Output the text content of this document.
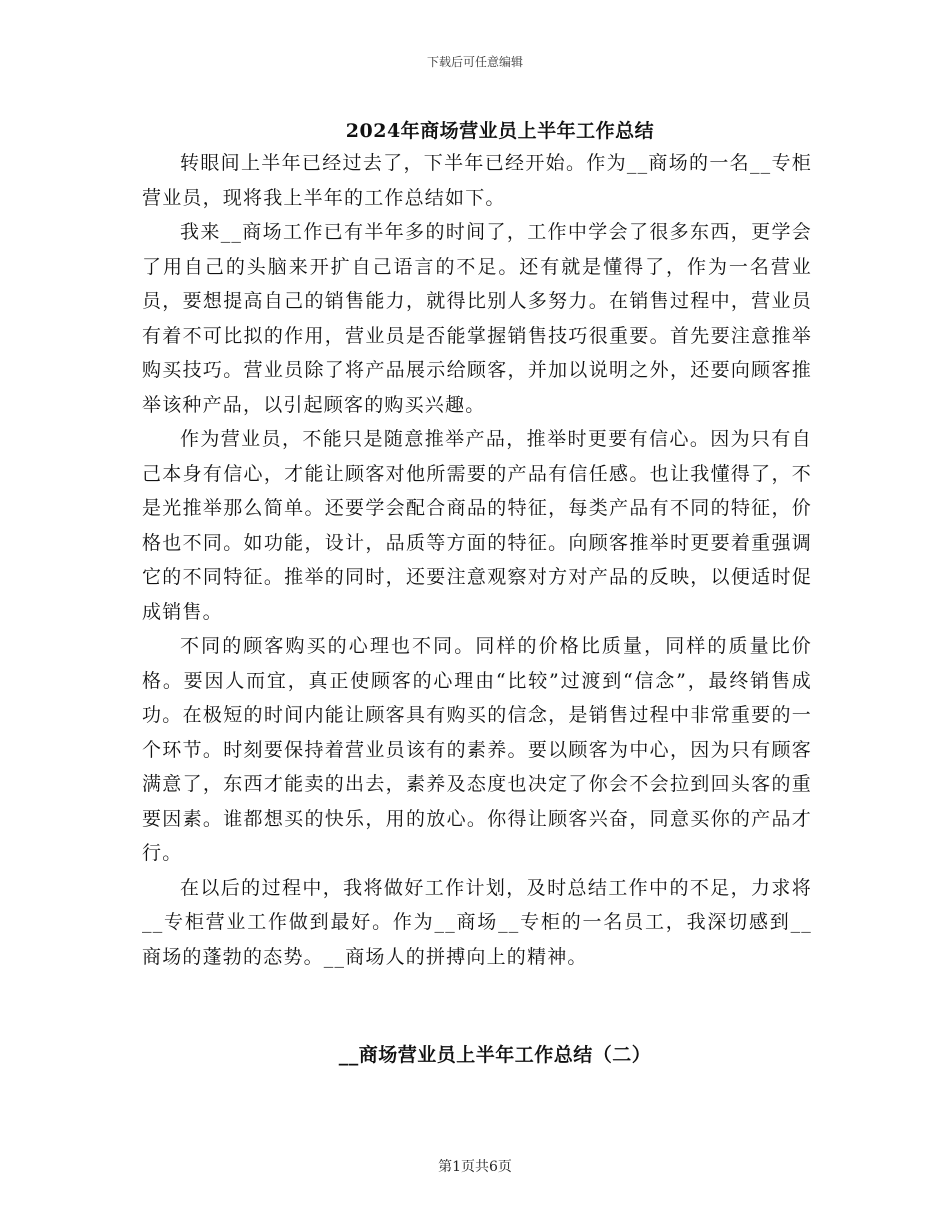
下载后可任意编辑
2024年商场营业员上半年工作总结

转眼间上半年已经过去了，下半年已经开始。作为__商场的一名__专柜营业员，现将我上半年的工作总结如下。

我来__商场工作已有半年多的时间了，工作中学会了很多东西，更学会了用自己的头脑来开扩自己语言的不足。还有就是懂得了，作为一名营业员，要想提高自己的销售能力，就得比别人多努力。在销售过程中，营业员有着不可比拟的作用，营业员是否能掌握销售技巧很重要。首先要注意推举购买技巧。营业员除了将产品展示给顾客，并加以说明之外，还要向顾客推举该种产品，以引起顾客的购买兴趣。

作为营业员，不能只是随意推举产品，推举时更要有信心。因为只有自己本身有信心，才能让顾客对他所需要的产品有信任感。也让我懂得了，不是光推举那么简单。还要学会配合商品的特征，每类产品有不同的特征，价格也不同。如功能，设计，品质等方面的特征。向顾客推举时更要着重强调它的不同特征。推举的同时，还要注意观察对方对产品的反映，以便适时促成销售。

不同的顾客购买的心理也不同。同样的价格比质量，同样的质量比价格。要因人而宜，真正使顾客的心理由“比较”过渡到“信念”，最终销售成功。在极短的时间内能让顾客具有购买的信念，是销售过程中非常重要的一个环节。时刻要保持着营业员该有的素养。要以顾客为中心，因为只有顾客满意了，东西才能卖的出去，素养及态度也决定了你会不会拉到回头客的重要因素。谁都想买的快乐，用的放心。你得让顾客兴奋，同意买你的产品才行。

在以后的过程中，我将做好工作计划，及时总结工作中的不足，力求将__专柜营业工作做到最好。作为__商场__专柜的一名员工，我深切感到__商场的蓬勃的态势。__商场人的拼搏向上的精神。

__商场营业员上半年工作总结（二）
第1页共6页
